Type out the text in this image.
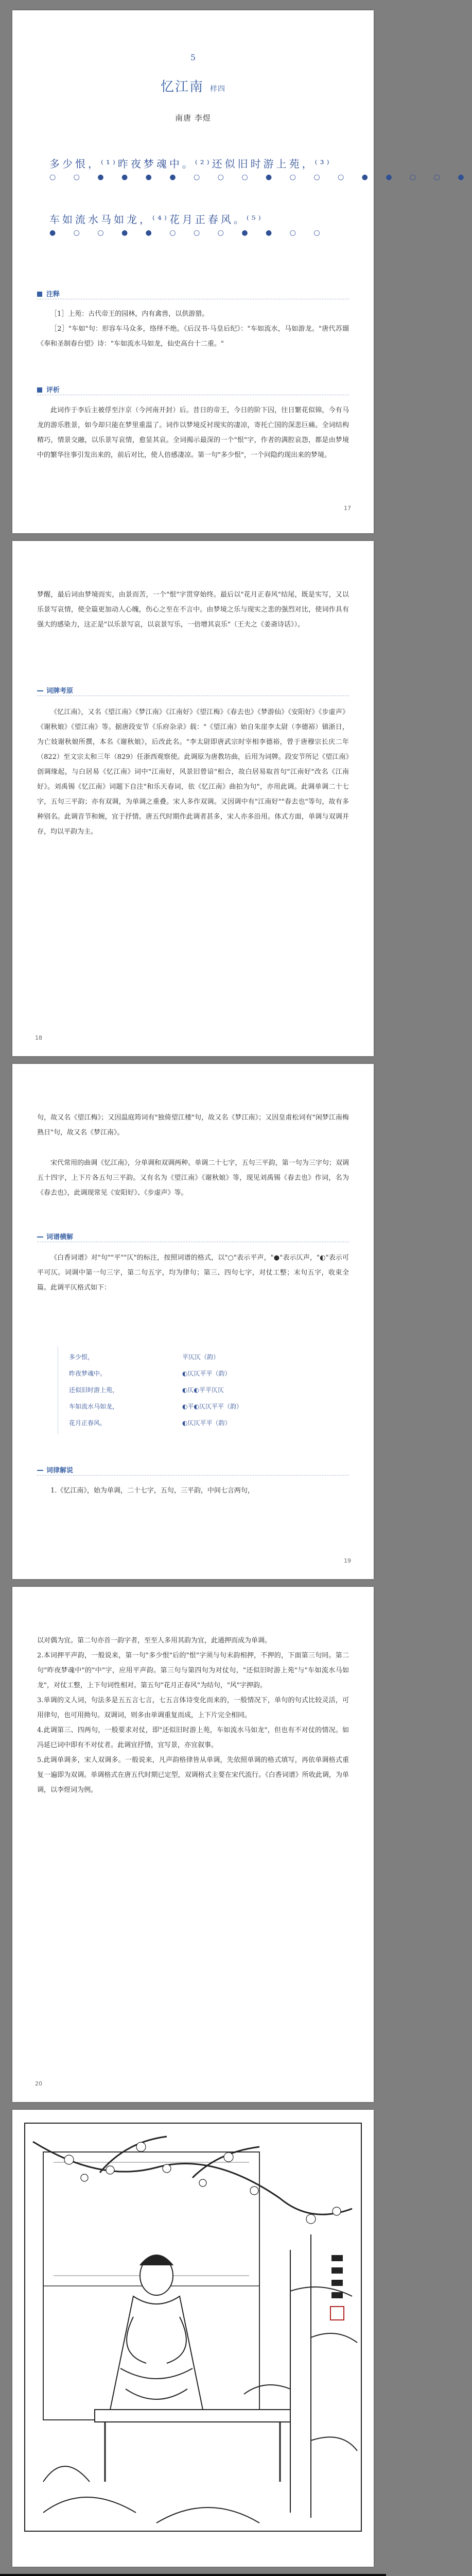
5
忆江南 样四
南唐 李煜
多少恨，⁽¹⁾昨夜梦魂中。⁽²⁾还似旧时游上苑，⁽³⁾
○ ○ ● ● ● ● ○ ○ ○ ● ○ ○ ○ ● ● ○ ○ ●
车如流水马如龙，⁽⁴⁾花月正春风。⁽⁵⁾
● ○ ○ ● ● ○ ○ ○ ● ● ○ ○
注释
［1］上苑：古代帝王的园林，内有禽兽，以供游猎。
［2］"车如"句：形容车马众多，络绎不绝。《后汉书·马皇后纪》："车如流水，马如游龙。"唐代苏颋《奉和圣制春台望》诗："车如流水马如龙，仙史高台十二重。"
评析
此词作于李后主被俘至汴京（今河南开封）后。昔日的帝王，今日的阶下囚，往日繁花似锦，今有马龙的游乐胜景，如今却只能在梦里重温了。词作以梦境反衬现实的凄凉，寄托亡国的深悲巨痛。全词结构精巧，情景交融，以乐景写哀情，愈显其哀。全词揭示最深的一个"恨"字，作者的满腔哀怨，都是由梦境中的繁华往事引发出来的，前后对比，使人倍感凄凉。第一句"多少恨"，一个问隐约现出来的梦境。
17
梦醒，最后词由梦境而实，由景而苦，一个"恨"字贯穿始终。最后以"花月正春风"结尾，既是实写，又以乐景写哀情，使全篇更加动人心魄，伤心之至在不言中。由梦境之乐与现实之悲的强烈对比，使词作具有强大的感染力，这正是"以乐景写哀，以哀景写乐，一倍增其哀乐"（王夫之《姜斋诗话》）。
词牌考原
《忆江南》，又名《望江南》《梦江南》《江南好》《望江梅》《春去也》《梦游仙》《安阳好》《步虚声》《谢秋娘》《望江南》等。据唐段安节《乐府杂录》载："《望江南》始自朱崖李太尉（李德裕）镇浙日，为亡妓谢秋娘所撰，本名《谢秋娘》，后改此名。"李太尉即唐武宗时宰相李德裕，曾于唐穆宗长庆二年（822）至文宗太和三年（829）任浙西观察使。此调原为唐教坊曲，后用为词牌。段安节所记《望江南》创调缘起，与白居易《忆江南》词中"江南好，风景旧曾谙"相合，故白居易取首句"江南好"改名《江南好》。刘禹锡《忆江南》词题下自注"和乐天春词，依《忆江南》曲拍为句"，亦用此调。此调单调二十七字，五句三平韵；亦有双调，为单调之重叠。宋人多作双调。又因调中有"江南好""春去也"等句，故有多种别名。此调音节和婉，宜于抒情。唐五代时期作此调者甚多，宋人亦多沿用。体式方面，单调与双调并存，均以平韵为主。
18
句，故又名《望江梅》；又因温庭筠词有"独倚望江楼"句，故又名《梦江南》；又因皇甫松词有"闲梦江南梅熟日"句，故又名《梦江南》。
宋代常用的曲调《忆江南》，分单调和双调两种。单调二十七字，五句三平韵，第一句为三字句；双调五十四字，上下片各五句三平韵。又有名为《望江南》《谢秋娘》等，现见刘禹锡《春去也》作词，名为《春去也》，此调现常见《安阳好》、《步虚声》等。
词谱横解
《白香词谱》对"句""平""仄"的标注，按照词谱的格式，以"○"表示平声，"●"表示仄声，"◐"表示可平可仄。词调中第一句三字，第二句五字，均为律句；第三、四句七字，对仗工整；末句五字，收束全篇。此调平仄格式如下：
多少恨，	平仄仄（韵）
昨夜梦魂中。	◐仄仄平平（韵）
还似旧时游上苑，	◐仄◐平平仄仄
车如流水马如龙，	◐平◐仄仄平平（韵）
花月正春风。	◐仄仄平平（韵）
词律解说
1.《忆江南》，始为单调，二十七字，五句，三平韵，中间七言两句，
19
以对偶为宜。第二句亦首一韵字者，至至人多用其韵为宜，此通押而成为单调。
2.本词押平声韵，一般说来，第一句"多少恨"后的"恨"字须与句末韵相押，不押的，下面第三句同。第二句"昨夜梦魂中"的"中"字，应用平声韵。第三句与第四句为对仗句，"还似旧时游上苑"与"车如流水马如龙"，对仗工整，上下句词性相对。第五句"花月正春风"为结句，"风"字押韵。
3.单调的文人词，句法多是五五言七言，七五言体诗变化而来的，一般情况下，单句的句式比较灵活，可用律句，也可用拗句。双调词，则多由单调重复而成，上下片完全相同。
4.此调第三、四两句，一般要求对仗，即"还似旧时游上苑，车如流水马如龙"，但也有不对仗的情况。如冯延巳词中即有不对仗者。此调宜抒情，宜写景，亦宜叙事。
5.此调单调多，宋人双调多。一般说来，凡声韵格律皆从单调，先依照单调的格式填写，再依单调格式重复一遍即为双调。单调格式在唐五代时期已定型，双调格式主要在宋代流行。《白香词谱》所收此调，为单调，以李煜词为例。
20
